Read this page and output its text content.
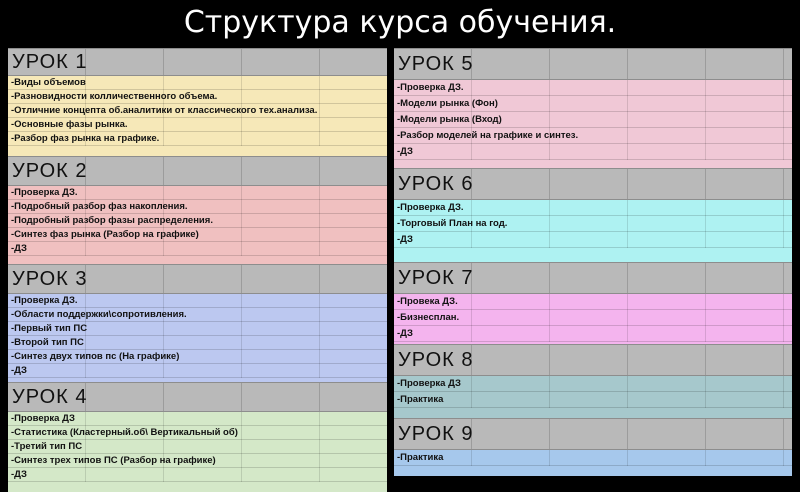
Структура курса обучения.
УРОК 1
-Виды объемов
-Разновидности колличественного объема.
-Отличние концепта об.аналитики от классического тех.анализа.
-Основные фазы рынка.
-Разбор фаз рынка на графике.
УРОК 2
-Проверка ДЗ.
-Подробный разбор фаз накопления.
-Подробный разбор фазы распределения.
-Синтез фаз рынка (Разбор на графике)
-ДЗ
УРОК 3
-Проверка ДЗ.
-Области поддержки\сопротивления.
-Первый тип ПС
-Второй тип ПС
-Синтез двух типов пс (На графике)
-ДЗ
УРОК 4
-Проверка ДЗ
-Статистика (Кластерный.об\ Вертикальный об)
-Третий тип ПС
-Синтез трех типов ПС (Разбор на графике)
-ДЗ
УРОК 5
-Проверка ДЗ.
-Модели рынка (Фон)
-Модели рынка (Вход)
-Разбор моделей на графике и синтез.
-ДЗ
УРОК 6
-Проверка ДЗ.
-Торговый План на год.
-ДЗ
УРОК 7
-Провека ДЗ.
-Бизнесплан.
-ДЗ
УРОК 8
-Проверка ДЗ
-Практика
УРОК 9
-Практика
